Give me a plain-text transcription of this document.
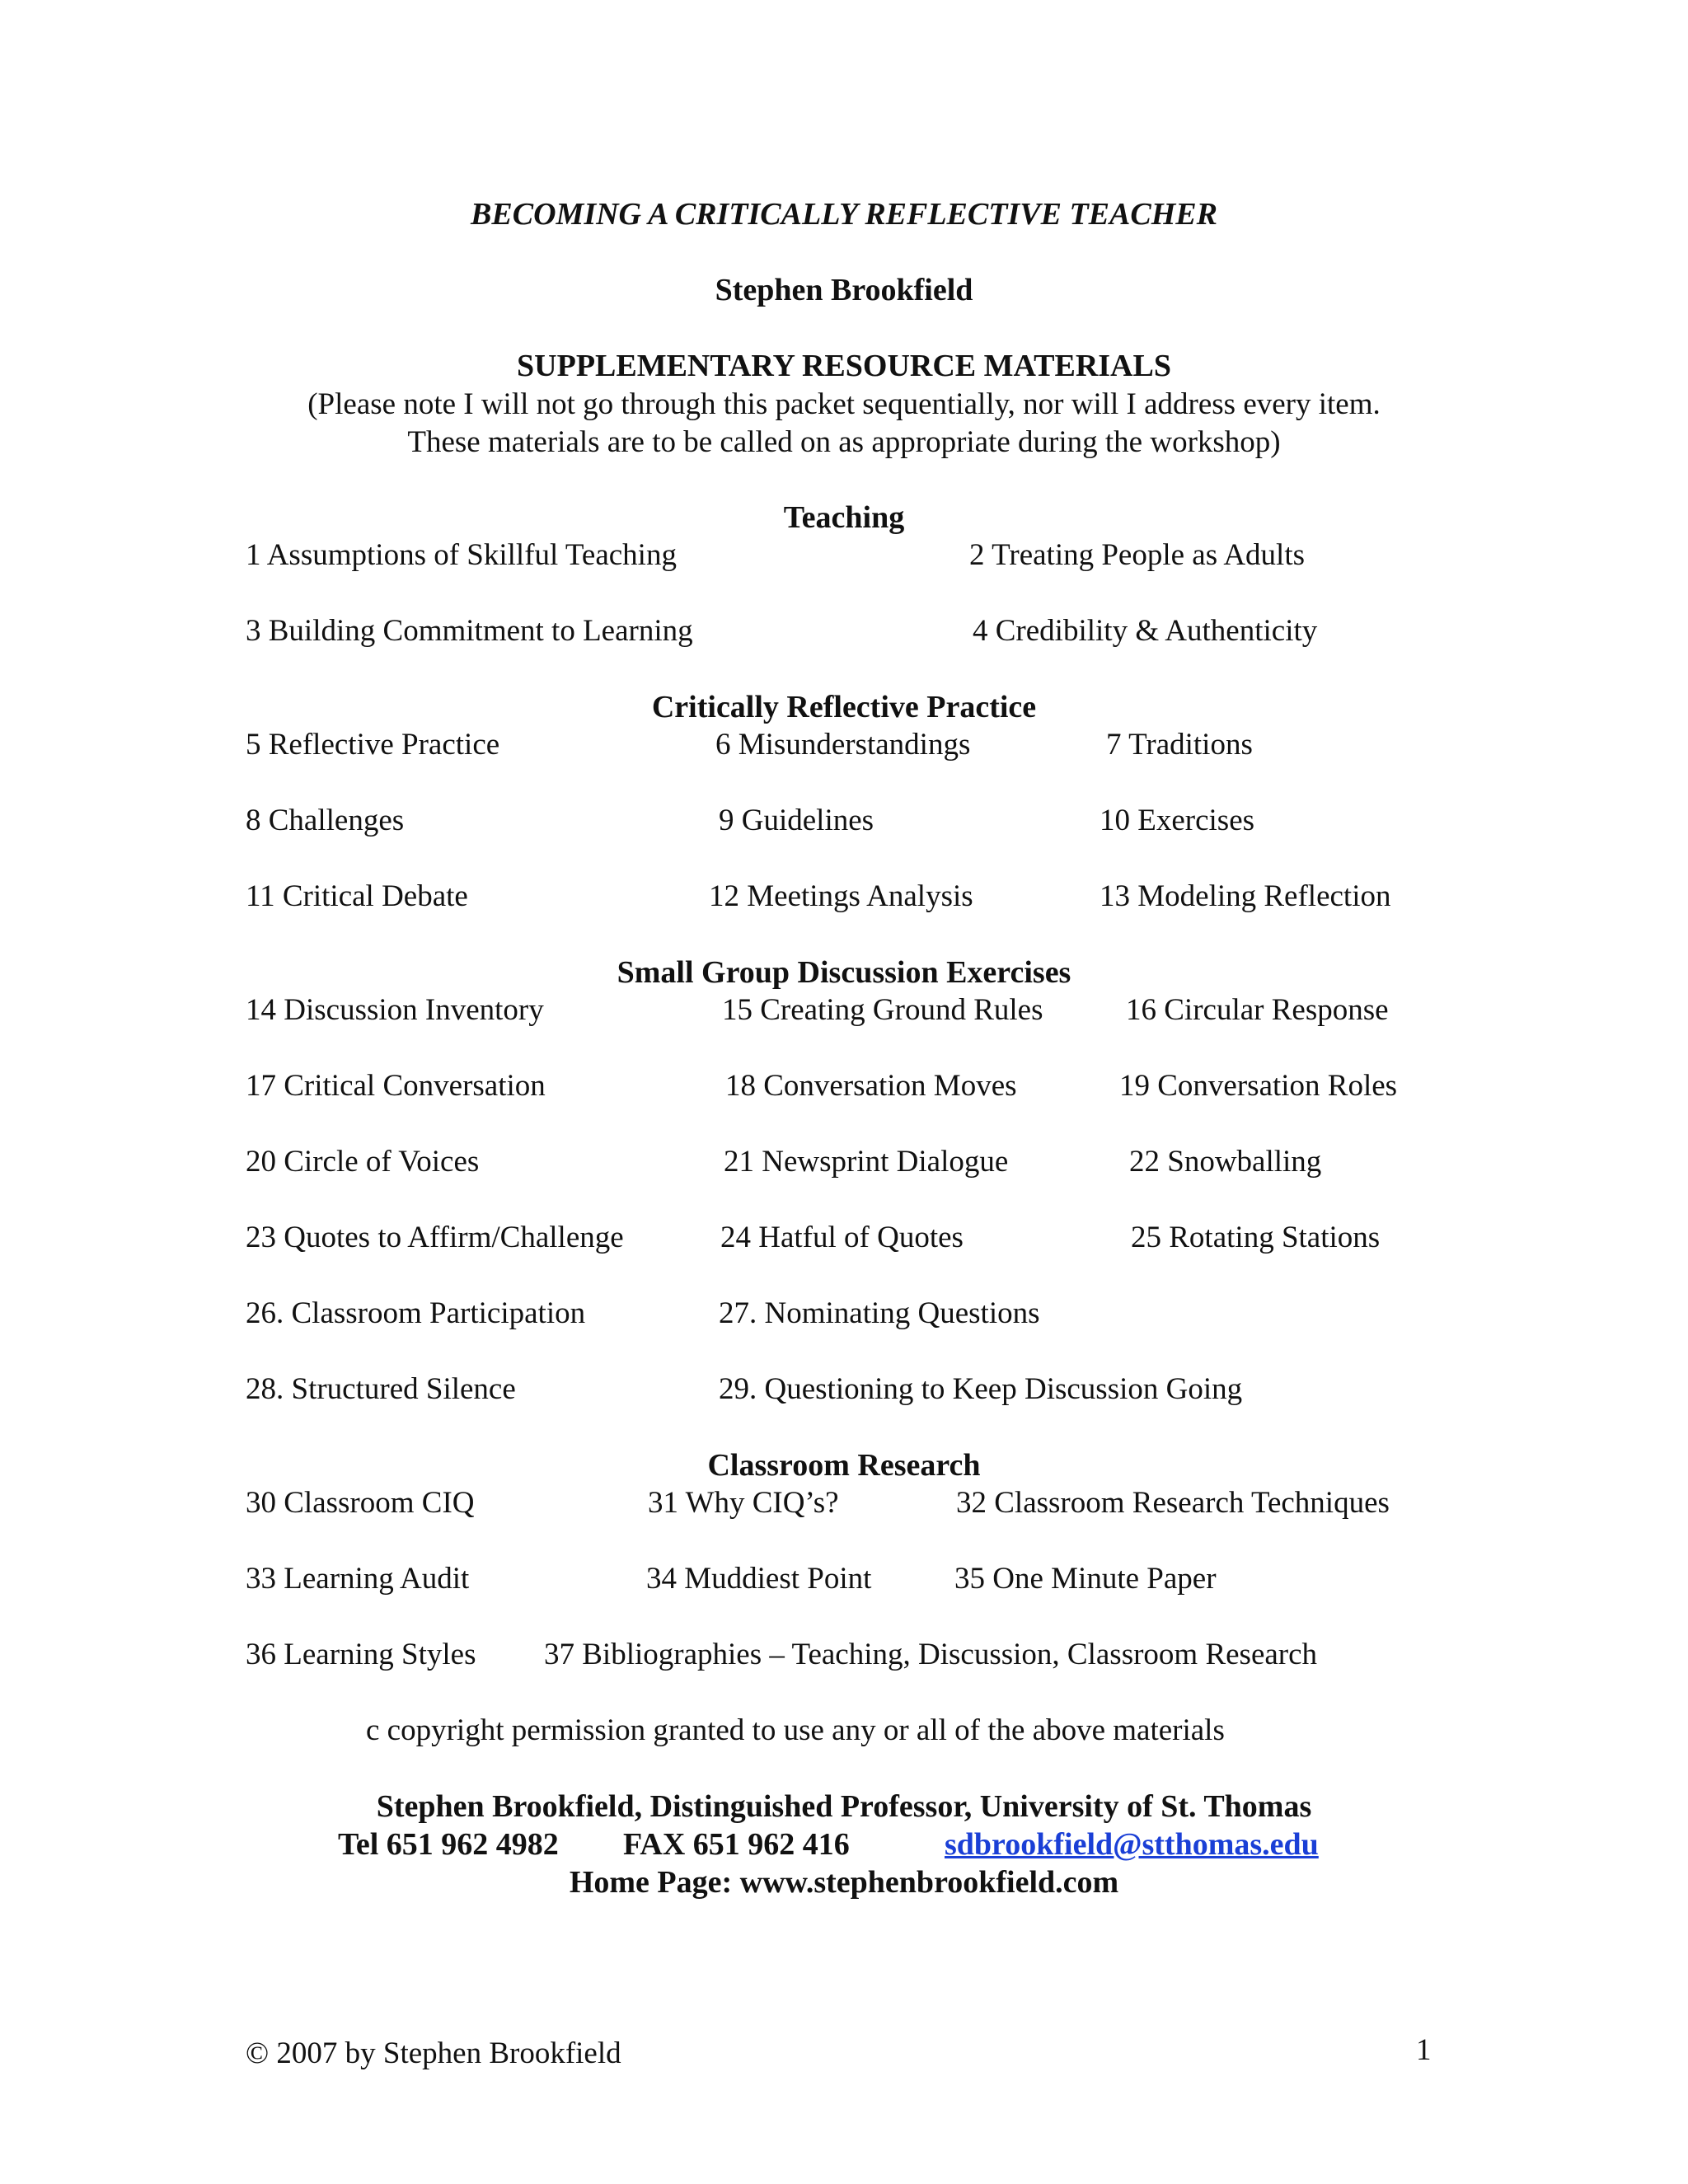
BECOMING A CRITICALLY REFLECTIVE TEACHER
Stephen Brookfield
SUPPLEMENTARY RESOURCE MATERIALS
(Please note I will not go through this packet sequentially, nor will I address every item.
These materials are to be called on as appropriate during the workshop)
Teaching
1 Assumptions of Skillful Teaching	2 Treating People as Adults
3 Building Commitment to Learning	4 Credibility & Authenticity
Critically Reflective Practice
5 Reflective Practice	6 Misunderstandings	7 Traditions
8 Challenges	9 Guidelines	10 Exercises
11 Critical Debate	12 Meetings Analysis	13 Modeling Reflection
Small Group Discussion Exercises
14 Discussion Inventory	15 Creating Ground Rules	16 Circular Response
17 Critical Conversation	18 Conversation Moves	19 Conversation Roles
20 Circle of Voices	21 Newsprint Dialogue	22 Snowballing
23 Quotes to Affirm/Challenge	24 Hatful of Quotes	25 Rotating Stations
26. Classroom Participation	27. Nominating Questions
28. Structured Silence	29. Questioning to Keep Discussion Going
Classroom Research
30 Classroom CIQ	31 Why CIQ’s?	32 Classroom Research Techniques
33 Learning Audit	34 Muddiest Point	35 One Minute Paper
36 Learning Styles 37 Bibliographies – Teaching, Discussion, Classroom Research
c copyright permission granted to use any or all of the above materials
Stephen Brookfield, Distinguished Professor, University of St. Thomas
Tel 651 962 4982 FAX 651 962 416	sdbrookfield@stthomas.edu
Home Page: www.stephenbrookfield.com
© 2007 by Stephen Brookfield	1
